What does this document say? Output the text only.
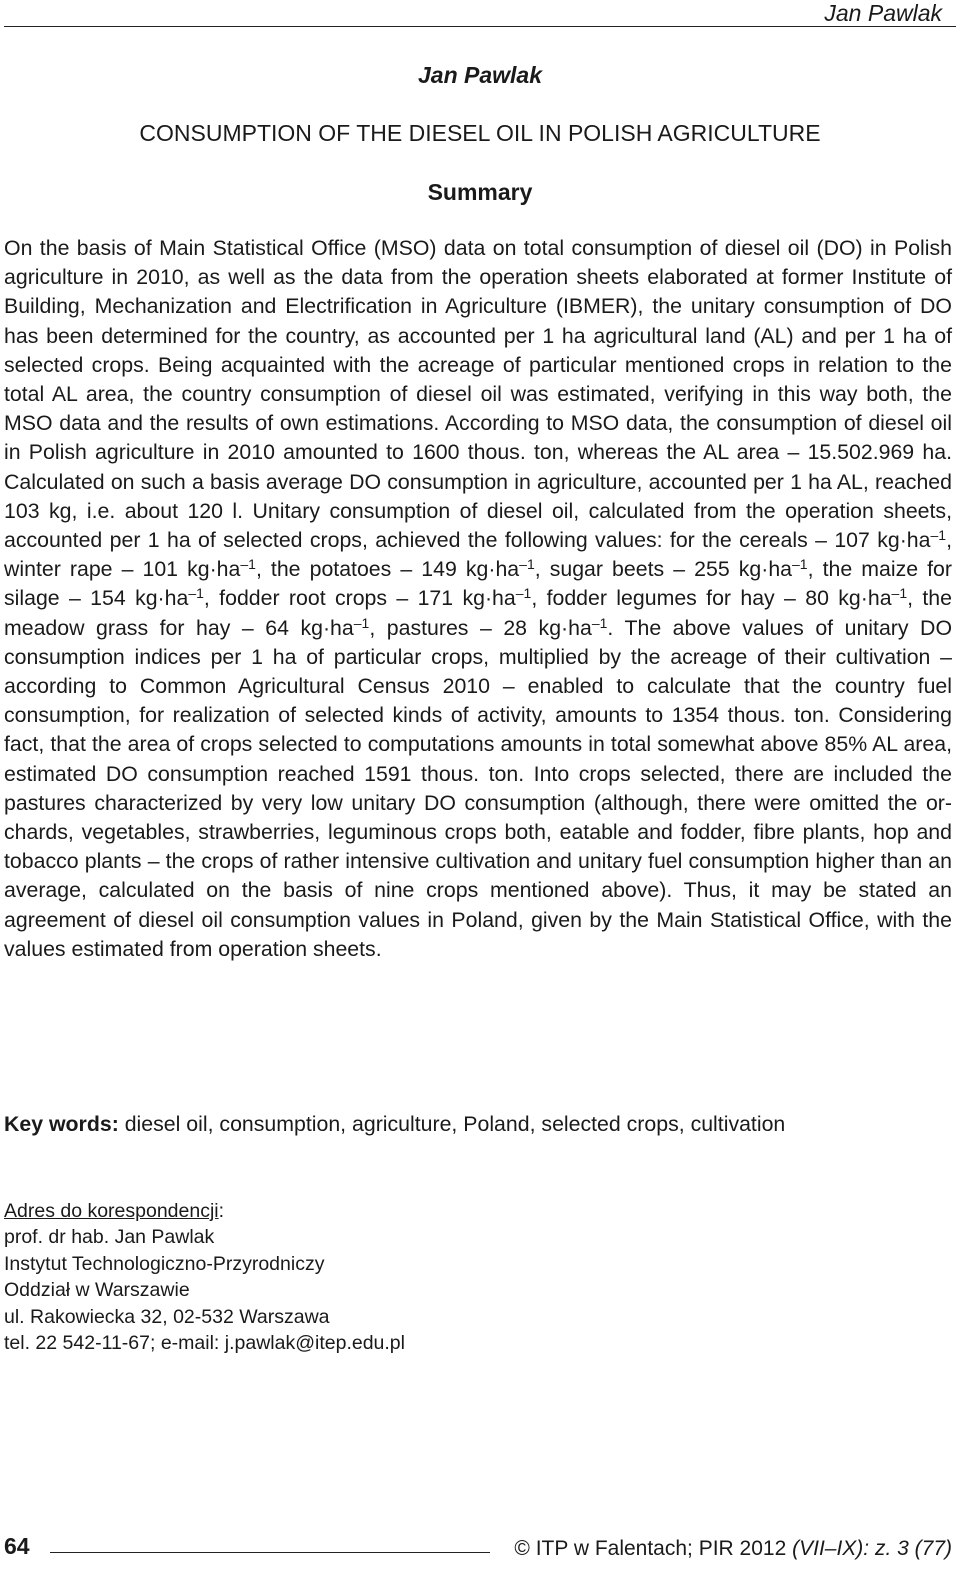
Jan Pawlak
Jan Pawlak
CONSUMPTION OF THE DIESEL OIL IN POLISH AGRICULTURE
Summary
On the basis of Main Statistical Office (MSO) data on total consumption of diesel oil (DO) in Polish agriculture in 2010, as well as the data from the operation sheets elaborated at former Institute of Building, Mechanization and Electrification in Agriculture (IBMER), the unitary consumption of DO has been determined for the country, as accounted per 1 ha agricultural land (AL) and per 1 ha of selected crops. Being acquainted with the acreage of particular mentioned crops in relation to the total AL area, the country consumption of diesel oil was estimated, verifying in this way both, the MSO data and the results of own estimations. According to MSO data, the consumption of diesel oil in Polish agriculture in 2010 amounted to 1600 thous. ton, whereas the AL area – 15.502.969 ha. Calculated on such a basis average DO consumption in agriculture, accounted per 1 ha AL, reached 103 kg, i.e. about 120 l. Unitary consumption of diesel oil, calculated from the operation sheets, accounted per 1 ha of selected crops, achieved the following values: for the cereals – 107 $kg\cdot ha^{-1}$, winter rape – 101 $kg\cdot ha^{-1}$, the potatoes – 149 $kg\cdot ha^{-1}$, sugar beets – 255 $kg\cdot ha^{-1}$, the maize for silage – 154 $kg\cdot ha^{-1}$, fodder root crops – 171 $kg\cdot ha^{-1}$, fodder legumes for hay – 80 $kg\cdot ha^{-1}$, the meadow grass for hay – 64 $kg\cdot ha^{-1}$, pastures – 28 $kg\cdot ha^{-1}$. The above values of unitary DO consumption indices per 1 ha of particular crops, multiplied by the acreage of their cultivation – according to Common Agricultural Census 2010 – enabled to calculate that the country fuel consumption, for realization of selected kinds of activity, amounts to 1354 thous. ton. Considering fact, that the area of crops selected to computations amounts in total somewhat above 85% AL area, estimated DO consumption reached 1591 thous. ton. Into crops selected, there are included the pastures characterized by very low unitary DO consumption (although, there were omitted the orchards, vegetables, strawberries, leguminous crops both, eatable and fodder, fibre plants, hop and tobacco plants – the crops of rather intensive cultivation and unitary fuel consumption higher than an average, calculated on the basis of nine crops mentioned above). Thus, it may be stated an agreement of diesel oil consumption values in Poland, given by the Main Statistical Office, with the values estimated from operation sheets.
Key words: diesel oil, consumption, agriculture, Poland, selected crops, cultivation
Adres do korespondencji:
prof. dr hab. Jan Pawlak
Instytut Technologiczno-Przyrodniczy
Oddział w Warszawie
ul. Rakowiecka 32, 02-532 Warszawa
tel. 22 542-11-67; e-mail: j.pawlak@itep.edu.pl
64	© ITP w Falentach; PIR 2012 (VII–IX): z. 3 (77)
